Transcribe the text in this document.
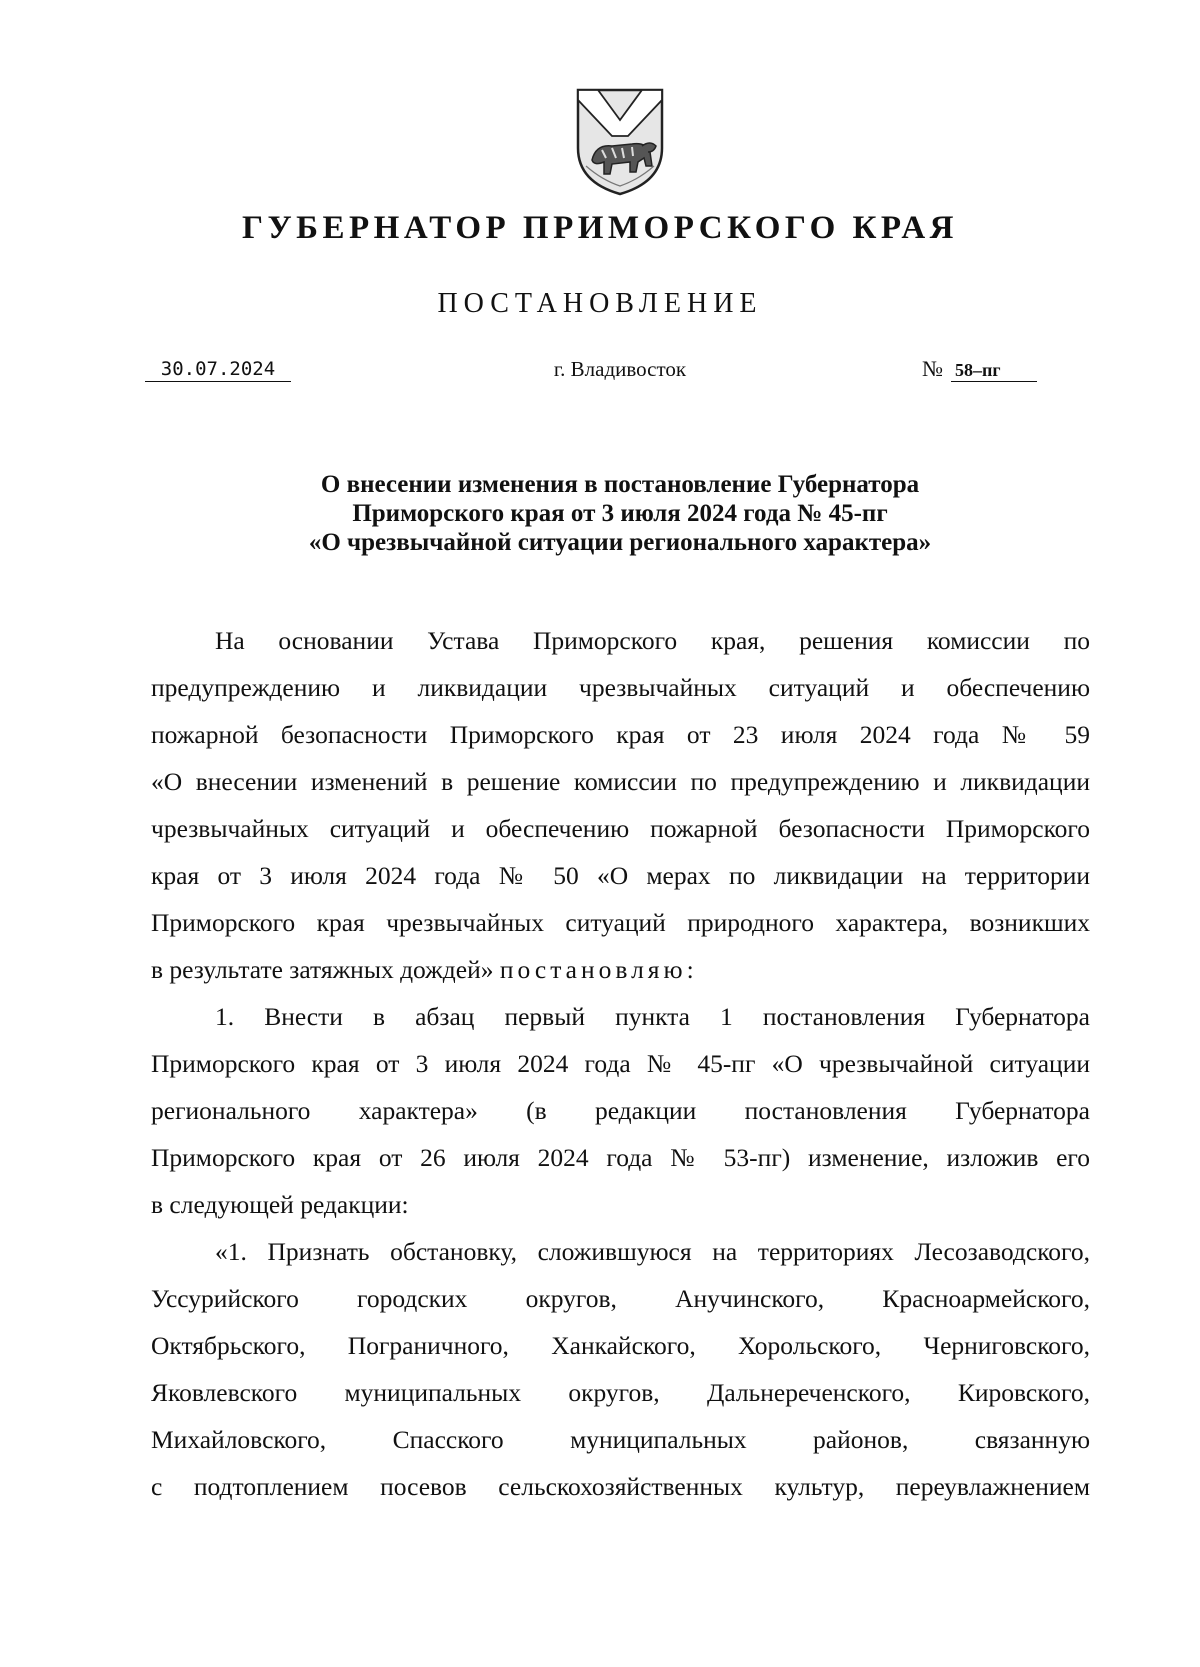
ГУБЕРНАТОР ПРИМОРСКОГО КРАЯ
ПОСТАНОВЛЕНИЕ
30.07.2024	г. Владивосток	№ 58–пг
О внесении изменения в постановление Губернатора
Приморского края от 3 июля 2024 года № 45-пг
«О чрезвычайной ситуации регионального характера»
На основании Устава Приморского края, решения комиссии по
предупреждению и ликвидации чрезвычайных ситуаций и обеспечению
пожарной безопасности Приморского края от 23 июля 2024 года № 59
«О внесении изменений в решение комиссии по предупреждению и ликвидации
чрезвычайных ситуаций и обеспечению пожарной безопасности Приморского
края от 3 июля 2024 года № 50 «О мерах по ликвидации на территории
Приморского края чрезвычайных ситуаций природного характера, возникших
в результате затяжных дождей» постановляю:
1. Внести в абзац первый пункта 1 постановления Губернатора
Приморского края от 3 июля 2024 года № 45-пг «О чрезвычайной ситуации
регионального характера» (в редакции постановления Губернатора
Приморского края от 26 июля 2024 года № 53-пг) изменение, изложив его
в следующей редакции:
«1. Признать обстановку, сложившуюся на территориях Лесозаводского,
Уссурийского городских округов, Анучинского, Красноармейского,
Октябрьского, Пограничного, Ханкайского, Хорольского, Черниговского,
Яковлевского муниципальных округов, Дальнереченского, Кировского,
Михайловского, Спасского муниципальных районов, связанную
с подтоплением посевов сельскохозяйственных культур, переувлажнением
